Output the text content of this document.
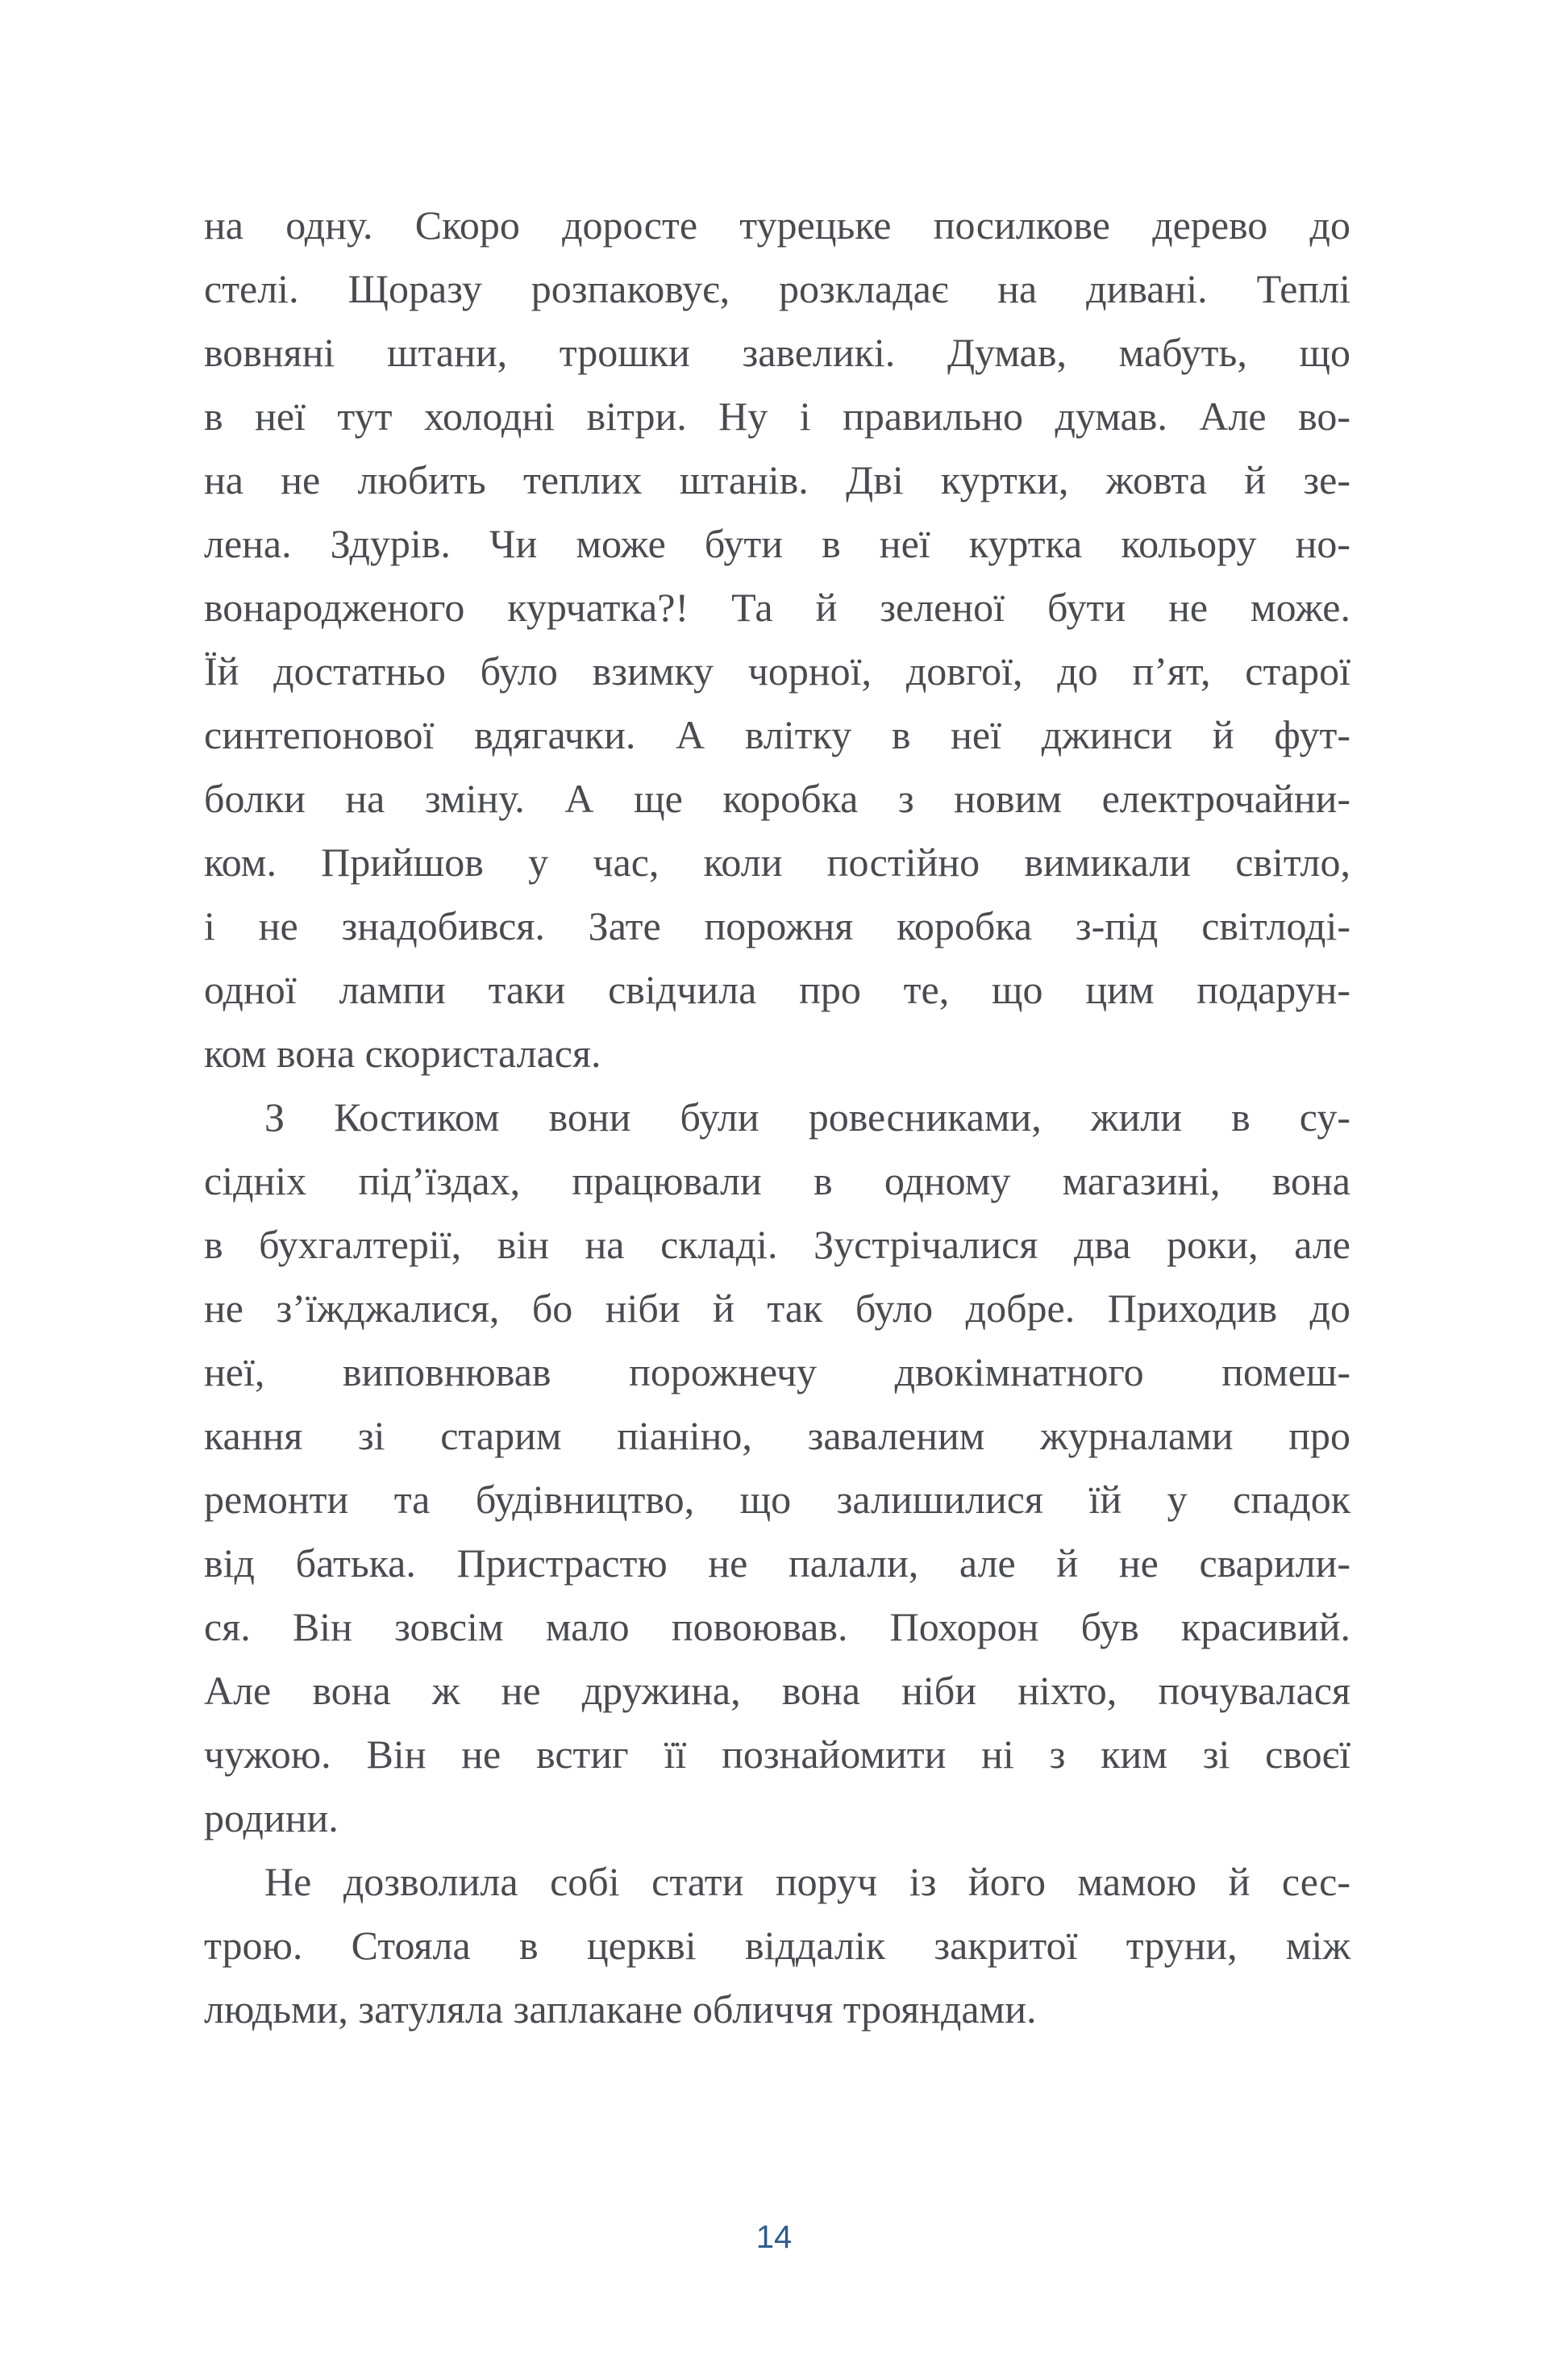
на одну. Скоро доросте турецьке посилкове дерево до
стелі. Щоразу розпаковує, розкладає на дивані. Теплі
вовняні штани, трошки завеликі. Думав, мабуть, що
в неї тут холодні вітри. Ну і правильно думав. Але во-
на не любить теплих штанів. Дві куртки, жовта й зе-
лена. Здурів. Чи може бути в неї куртка кольору но-
вонародженого курчатка?! Та й зеленої бути не може.
Їй достатньо було взимку чорної, довгої, до п’ят, старої
синтепонової вдягачки. А влітку в неї джинси й фут-
болки на зміну. А ще коробка з новим електрочайни-
ком. Прийшов у час, коли постійно вимикали світло,
і не знадобився. Зате порожня коробка з-під світлоді-
одної лампи таки свідчила про те, що цим подарун-
ком вона скористалася.
З Костиком вони були ровесниками, жили в су-
сідніх під’їздах, працювали в одному магазині, вона
в бухгалтерії, він на складі. Зустрічалися два роки, але
не з’їжджалися, бо ніби й так було добре. Приходив до
неї, виповнював порожнечу двокімнатного помеш-
кання зі старим піаніно, заваленим журналами про
ремонти та будівництво, що залишилися їй у спадок
від батька. Пристрастю не палали, але й не сварили-
ся. Він зовсім мало повоював. Похорон був красивий.
Але вона ж не дружина, вона ніби ніхто, почувалася
чужою. Він не встиг її познайомити ні з ким зі своєї
родини.
Не дозволила собі стати поруч із його мамою й сес-
трою. Стояла в церкві віддалік закритої труни, між
людьми, затуляла заплакане обличчя трояндами.
14
